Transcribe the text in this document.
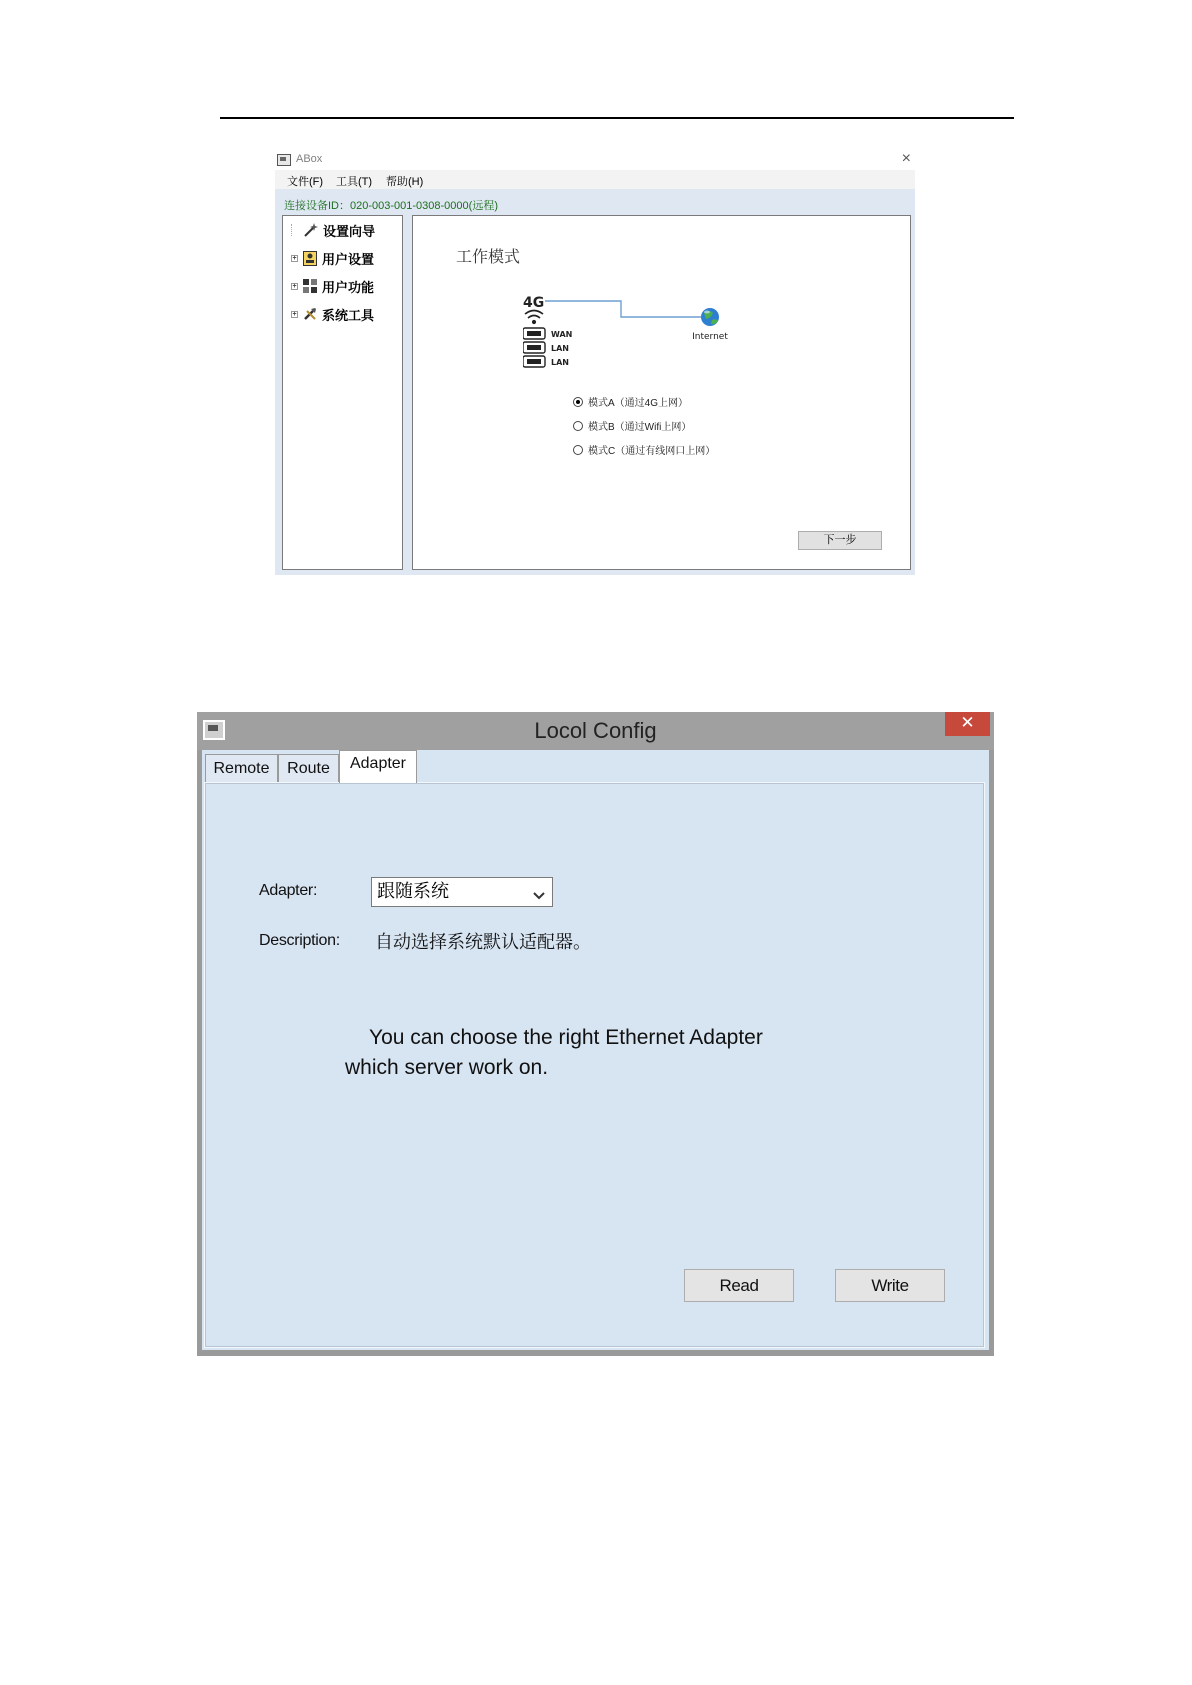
ABox	×
文件(F) 工具(T) 帮助(H)
连接设备ID：020-003-001-0308-0000(远程)
设置向导
+ 用户设置
+ 用户功能
+ 系统工具
工作模式
4G
WAN
LAN
LAN
Internet
模式A（通过4G上网）
模式B（通过Wifi上网）
模式C（通过有线网口上网）
下一步
Locol Config	✕
Remote	Route	Adapter
Adapter:	跟随系统
Description: 自动选择系统默认适配器。
You can choose the right Ethernet Adapter
which server work on.
Read	Write
